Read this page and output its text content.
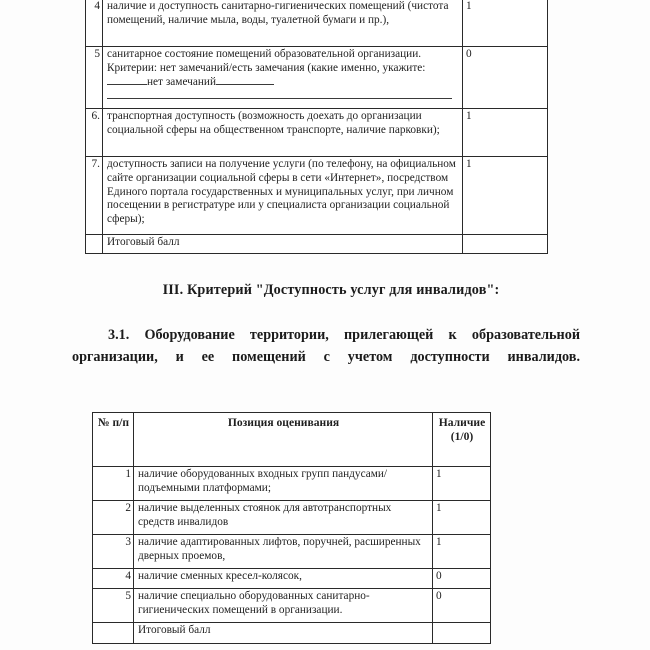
4	наличие и доступность санитарно-гигиенических помещений (чистота помещений, наличие мыла, воды, туалетной бумаги и пр.),	1
5	санитарное состояние помещений образовательной организации. Критерии: нет замечаний/есть замечания (какие именно, укажите:нет замечаний	0
6.	транспортная доступность (возможность доехать до организации социальной сферы на общественном транспорте, наличие парковки);	1
7.	доступность записи на получение услуги (по телефону, на официальном сайте организации социальной сферы в сети «Интернет», посредством Единого портала государственных и муниципальных услуг, при личном посещении в регистратуре или у специалиста организации социальной сферы);	1
	Итоговый балл	
III. Критерий "Доступность услуг для инвалидов":
3.1. Оборудование территории, прилегающей к образовательной организации, и ее помещений с учетом доступности инвалидов.
№ п/п	Позиция оценивания	Наличие
(1/0)
1	наличие оборудованных входных групп пандусами/ подъемными платформами;	1
2	наличие выделенных стоянок для автотранспортных средств инвалидов	1
3	наличие адаптированных лифтов, поручней, расширенных дверных проемов,	1
4	наличие сменных кресел-колясок,	0
5	наличие специально оборудованных санитарно-гигиенических помещений в организации.	0
	Итоговый балл	
